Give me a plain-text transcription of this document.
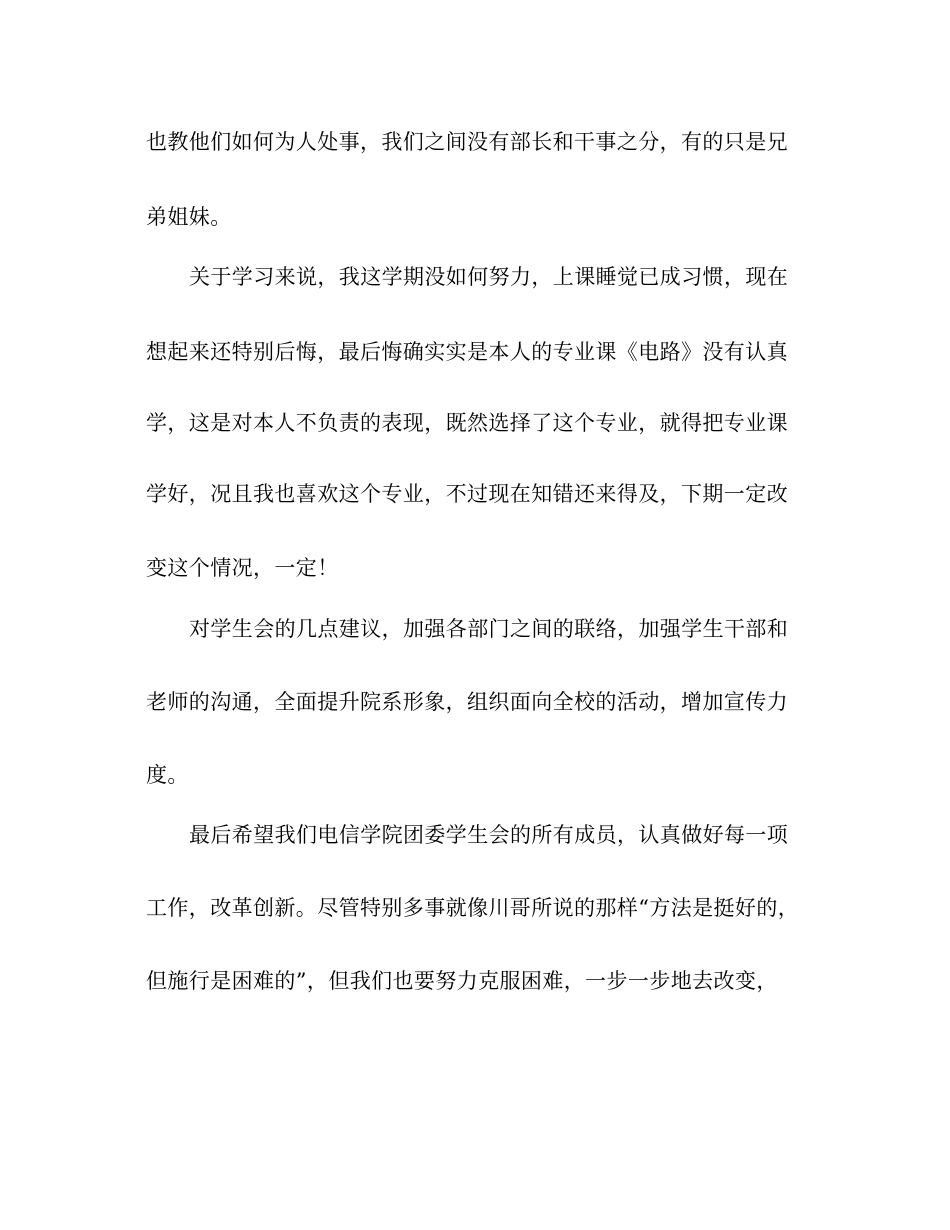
也教他们如何为人处事，我们之间没有部长和干事之分，有的只是兄
弟姐妹。
关于学习来说，我这学期没如何努力，上课睡觉已成习惯，现在
想起来还特别后悔，最后悔确实实是本人的专业课《电路》没有认真
学，这是对本人不负责的表现，既然选择了这个专业，就得把专业课
学好，况且我也喜欢这个专业，不过现在知错还来得及，下期一定改
变这个情况，一定！
对学生会的几点建议，加强各部门之间的联络，加强学生干部和
老师的沟通，全面提升院系形象，组织面向全校的活动，增加宣传力
度。
最后希望我们电信学院团委学生会的所有成员，认真做好每一项
工作，改革创新。尽管特别多事就像川哥所说的那样“方法是挺好的，
但施行是困难的”，但我们也要努力克服困难，一步一步地去改变，
